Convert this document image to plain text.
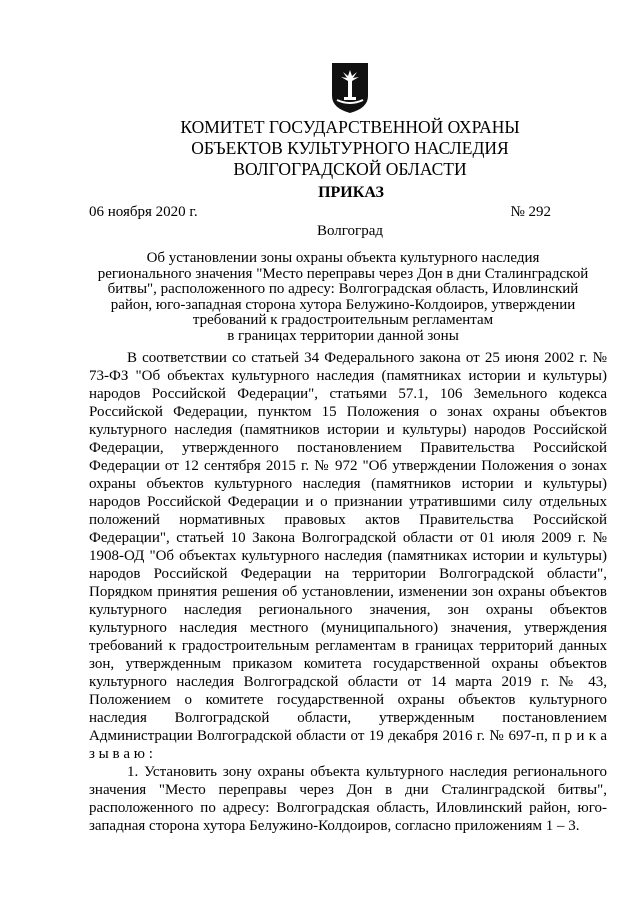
КОМИТЕТ ГОСУДАРСТВЕННОЙ ОХРАНЫ
ОБЪЕКТОВ КУЛЬТУРНОГО НАСЛЕДИЯ
ВОЛГОГРАДСКОЙ ОБЛАСТИ
ПРИКАЗ
06 ноября 2020 г.	№ 292
Волгоград
Об установлении зоны охраны объекта культурного наследия
регионального значения "Место переправы через Дон в дни Сталинградской
битвы", расположенного по адресу: Волгоградская область, Иловлинский
район, юго-западная сторона хутора Белужино-Колдоиров, утверждении
требований к градостроительным регламентам
в границах территории данной зоны

В соответствии со статьей 34 Федерального закона от 25 июня 2002 г. № 73-ФЗ "Об объектах культурного наследия (памятниках истории и культуры) народов Российской Федерации", статьями 57.1, 106 Земельного кодекса Российской Федерации, пунктом 15 Положения о зонах охраны объектов культурного наследия (памятников истории и культуры) народов Российской Федерации, утвержденного постановлением Правительства Российской Федерации от 12 сентября 2015 г. № 972 "Об утверждении Положения о зонах охраны объектов культурного наследия (памятников истории и культуры) народов Российской Федерации и о признании утратившими силу отдельных положений нормативных правовых актов Правительства Российской Федерации", статьей 10 Закона Волгоградской области от 01 июля 2009 г. № 1908-ОД "Об объектах культурного наследия (памятниках истории и культуры) народов Российской Федерации на территории Волгоградской области", Порядком принятия решения об установлении, изменении зон охраны объектов культурного наследия регионального значения, зон охраны объектов культурного наследия местного (муниципального) значения, утверждения требований к градостроительным регламентам в границах территорий данных зон, утвержденным приказом комитета государственной охраны объектов культурного наследия Волгоградской области от 14 марта 2019 г. № 43, Положением о комитете государственной охраны объектов культурного наследия Волгоградской области, утвержденным постановлением Администрации Волгоградской области от 19 декабря 2016 г. № 697-п, п р и к а з ы в а ю :

1. Установить зону охраны объекта культурного наследия регионального значения "Место переправы через Дон в дни Сталинградской битвы", расположенного по адресу: Волгоградская область, Иловлинский район, юго-западная сторона хутора Белужино-Колдоиров, согласно приложениям 1 – 3.
